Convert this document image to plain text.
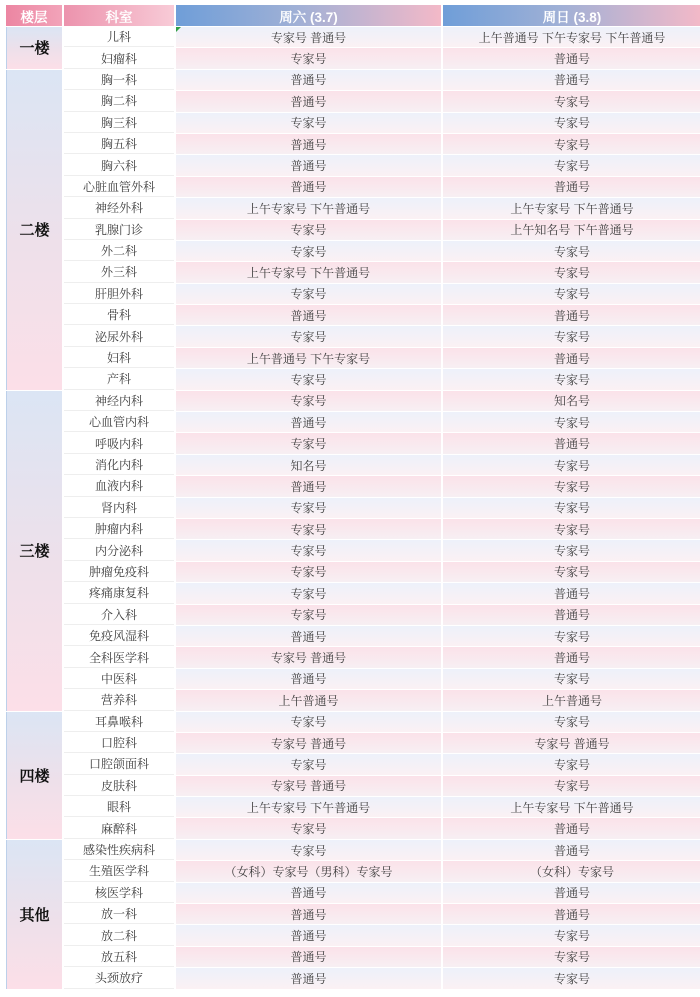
楼层	科室	周六 (3.7)	周日 (3.8)
一楼	儿科	专家号 普通号	上午普通号 下午专家号 下午普通号
	妇瘤科	专家号	普通号
二楼	胸一科	普通号	普通号
	胸二科	普通号	专家号
	胸三科	专家号	专家号
	胸五科	普通号	专家号
	胸六科	普通号	专家号
	心脏血管外科	普通号	普通号
	神经外科	上午专家号 下午普通号	上午专家号 下午普通号
	乳腺门诊	专家号	上午知名号 下午普通号
	外二科	专家号	专家号
	外三科	上午专家号 下午普通号	专家号
	肝胆外科	专家号	专家号
	骨科	普通号	普通号
	泌尿外科	专家号	专家号
	妇科	上午普通号 下午专家号	普通号
	产科	专家号	专家号
三楼	神经内科	专家号	知名号
	心血管内科	普通号	专家号
	呼吸内科	专家号	普通号
	消化内科	知名号	专家号
	血液内科	普通号	专家号
	肾内科	专家号	专家号
	肿瘤内科	专家号	专家号
	内分泌科	专家号	专家号
	肿瘤免疫科	专家号	专家号
	疼痛康复科	专家号	普通号
	介入科	专家号	普通号
	免疫风湿科	普通号	专家号
	全科医学科	专家号 普通号	普通号
	中医科	普通号	专家号
	营养科	上午普通号	上午普通号
四楼	耳鼻喉科	专家号	专家号
	口腔科	专家号 普通号	专家号 普通号
	口腔颌面科	专家号	专家号
	皮肤科	专家号 普通号	专家号
	眼科	上午专家号 下午普通号	上午专家号 下午普通号
	麻醉科	专家号	普通号
其他	感染性疾病科	专家号	普通号
	生殖医学科	（女科）专家号（男科）专家号	（女科）专家号
	核医学科	普通号	普通号
	放一科	普通号	普通号
	放二科	普通号	专家号
	放五科	普通号	专家号
	头颈放疗	普通号	专家号
